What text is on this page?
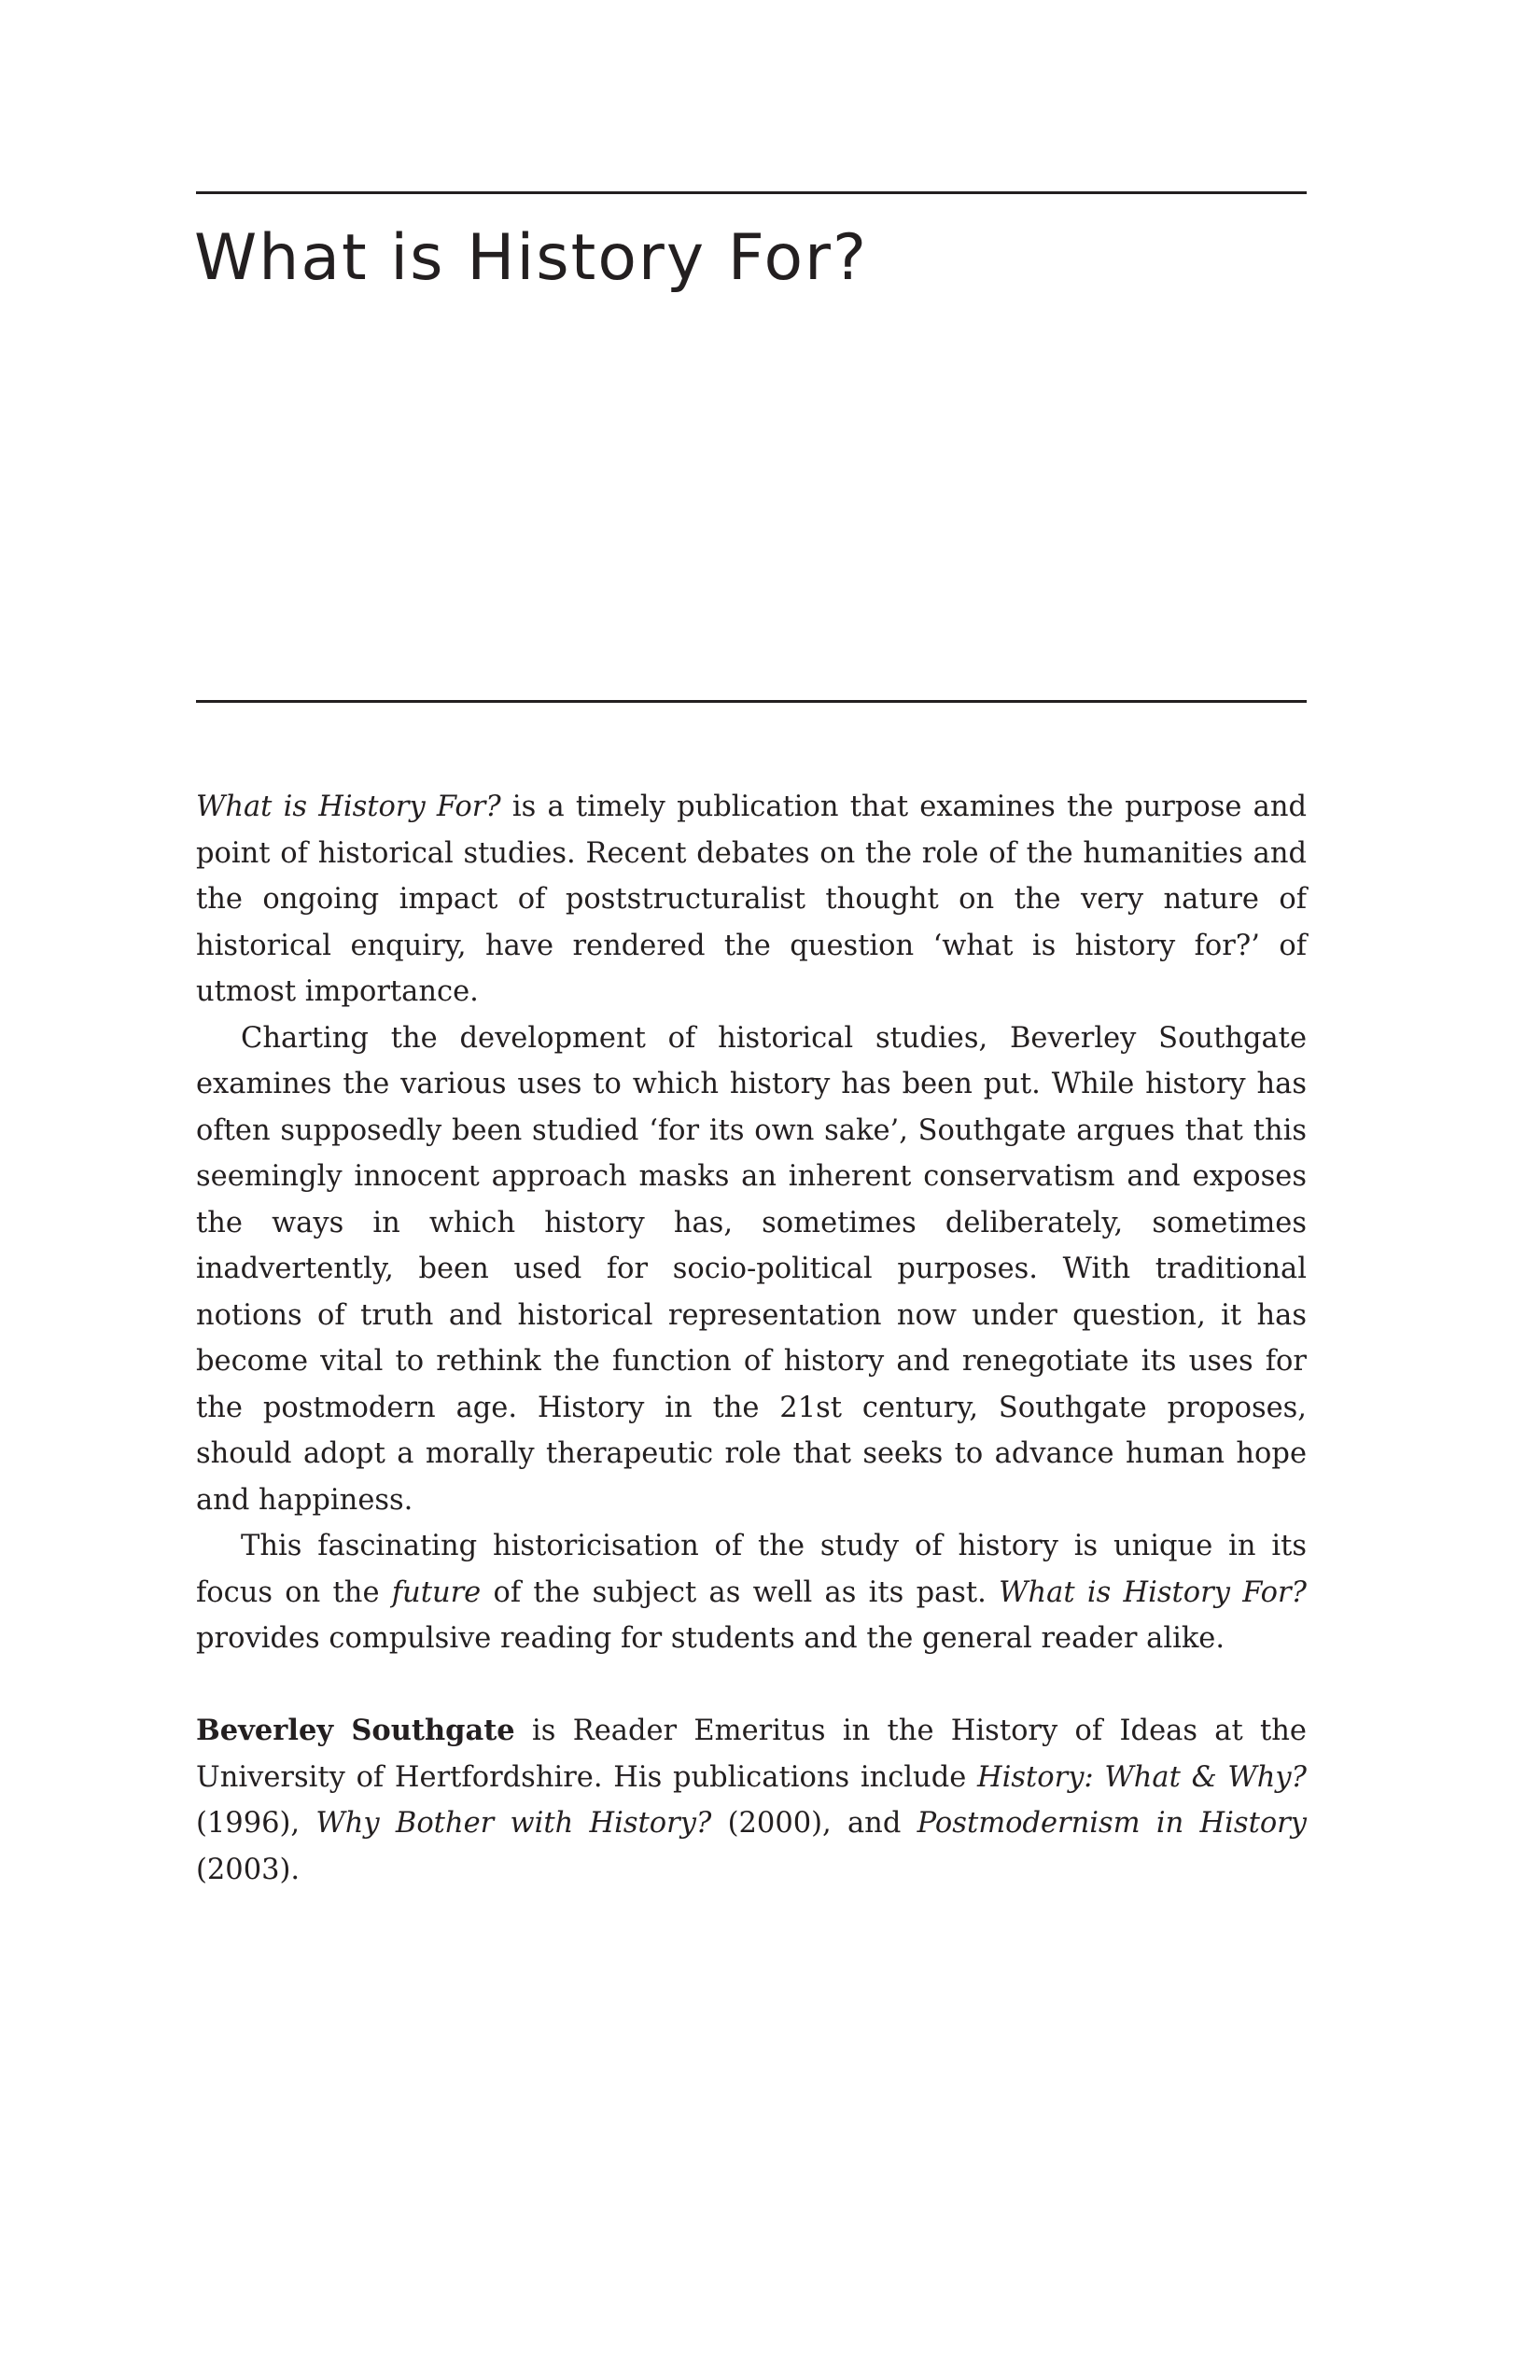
What is History For?

What is History For? is a timely publication that examines the purpose and point of historical studies. Recent debates on the role of the humanities and the ongoing impact of poststructuralist thought on the very nature of historical enquiry, have rendered the question ‘what is history for?’ of utmost importance.

Charting the development of historical studies, Beverley Southgate examines the various uses to which history has been put. While history has often supposedly been studied ‘for its own sake’, Southgate argues that this seemingly innocent approach masks an inherent conservatism and exposes the ways in which history has, sometimes deliberately, sometimes inadvertently, been used for socio-political purposes. With traditional notions of truth and historical representation now under question, it has become vital to rethink the function of history and renegotiate its uses for the postmodern age. History in the 21st century, Southgate proposes, should adopt a morally therapeutic role that seeks to advance human hope and happiness.

This fascinating historicisation of the study of history is unique in its focus on the future of the subject as well as its past. What is History For? provides compulsive reading for students and the general reader alike.

Beverley Southgate is Reader Emeritus in the History of Ideas at the University of Hertfordshire. His publications include History: What & Why? (1996), Why Bother with History? (2000), and Postmodernism in History (2003).
